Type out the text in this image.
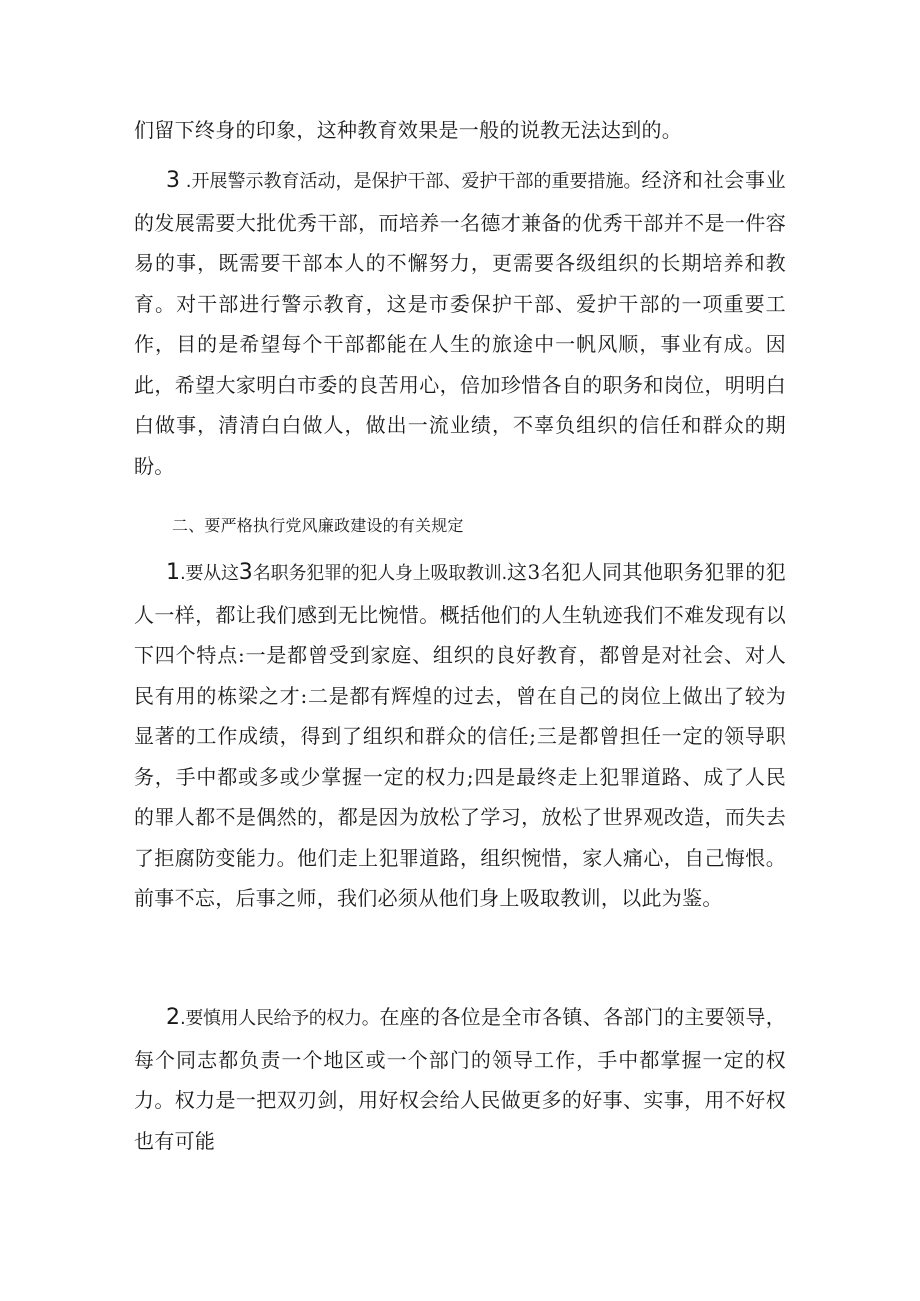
们留下终身的印象，这种教育效果是一般的说教无法达到的。

3 .开展警示教育活动，是保护干部、爱护干部的重要措施。经济和社会事业的发展需要大批优秀干部，而培养一名德才兼备的优秀干部并不是一件容易的事，既需要干部本人的不懈努力，更需要各级组织的长期培养和教育。对干部进行警示教育，这是市委保护干部、爱护干部的一项重要工作，目的是希望每个干部都能在人生的旅途中一帆风顺，事业有成。因此，希望大家明白市委的良苦用心，倍加珍惜各自的职务和岗位，明明白白做事，清清白白做人，做出一流业绩，不辜负组织的信任和群众的期盼。

二、要严格执行党风廉政建设的有关规定

1.要从这3名职务犯罪的犯人身上吸取教训.这3名犯人同其他职务犯罪的犯人一样，都让我们感到无比惋惜。概括他们的人生轨迹我们不难发现有以下四个特点:一是都曾受到家庭、组织的良好教育，都曾是对社会、对人民有用的栋梁之才:二是都有辉煌的过去，曾在自己的岗位上做出了较为显著的工作成绩，得到了组织和群众的信任;三是都曾担任一定的领导职务，手中都或多或少掌握一定的权力;四是最终走上犯罪道路、成了人民的罪人都不是偶然的，都是因为放松了学习，放松了世界观改造，而失去了拒腐防变能力。他们走上犯罪道路，组织惋惜，家人痛心，自己悔恨。前事不忘，后事之师，我们必须从他们身上吸取教训，以此为鉴。

2.要慎用人民给予的权力。在座的各位是全市各镇、各部门的主要领导，每个同志都负责一个地区或一个部门的领导工作，手中都掌握一定的权力。权力是一把双刃剑，用好权会给人民做更多的好事、实事，用不好权也有可能
